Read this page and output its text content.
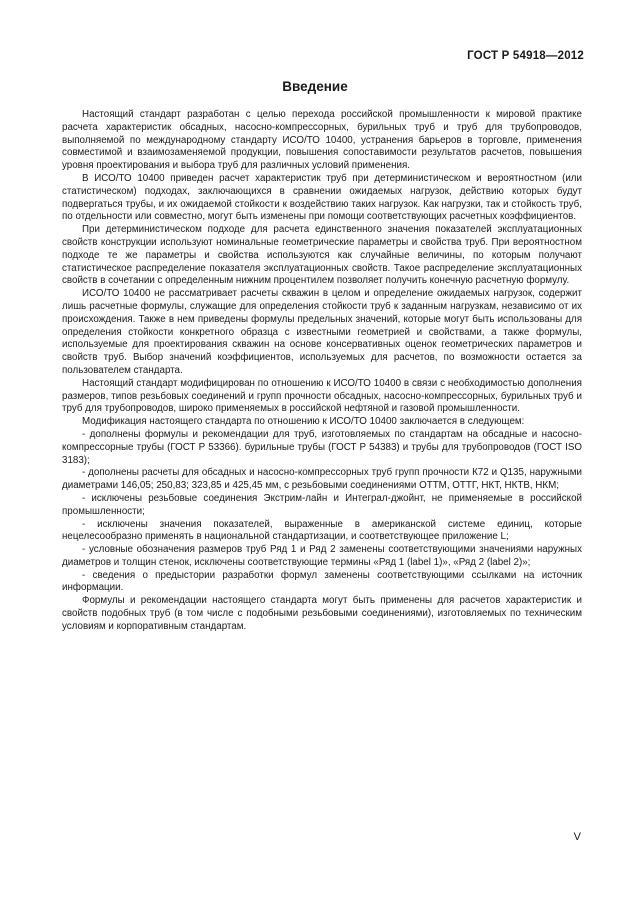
ГОСТ Р 54918—2012
Введение

Настоящий стандарт разработан с целью перехода российской промышленности к мировой практике расчета характеристик обсадных, насосно-компрессорных, бурильных труб и труб для трубопроводов, выполняемой по международному стандарту ИСО/ТО 10400, устранения барьеров в торговле, применения совместимой и взаимозаменяемой продукции, повышения сопоставимости результатов расчетов, повышения уровня проектирования и выбора труб для различных условий применения.

В ИСО/ТО 10400 приведен расчет характеристик труб при детерминистическом и вероятностном (или статистическом) подходах, заключающихся в сравнении ожидаемых нагрузок, действию которых будут подвергаться трубы, и их ожидаемой стойкости к воздействию таких нагрузок. Как нагрузки, так и стойкость труб, по отдельности или совместно, могут быть изменены при помощи соответствующих расчетных коэффициентов.

При детерминистическом подходе для расчета единственного значения показателей эксплуатационных свойств конструкции используют номинальные геометрические параметры и свойства труб. При вероятностном подходе те же параметры и свойства используются как случайные величины, по которым получают статистическое распределение показателя эксплуатационных свойств. Такое распределение эксплуатационных свойств в сочетании с определенным нижним процентилем позволяет получить конечную расчетную формулу.

ИСО/ТО 10400 не рассматривает расчеты скважин в целом и определение ожидаемых нагрузок, содержит лишь расчетные формулы, служащие для определения стойкости труб к заданным нагрузкам, независимо от их происхождения. Также в нем приведены формулы предельных значений, которые могут быть использованы для определения стойкости конкретного образца с известными геометрией и свойствами, а также формулы, используемые для проектирования скважин на основе консервативных оценок геометрических параметров и свойств труб. Выбор значений коэффициентов, используемых для расчетов, по возможности остается за пользователем стандарта.

Настоящий стандарт модифицирован по отношению к ИСО/ТО 10400 в связи с необходимостью дополнения размеров, типов резьбовых соединений и групп прочности обсадных, насосно-компрессорных, бурильных труб и труб для трубопроводов, широко применяемых в российской нефтяной и газовой промышленности.

Модификация настоящего стандарта по отношению к ИСО/ТО 10400 заключается в следующем:

- дополнены формулы и рекомендации для труб, изготовляемых по стандартам на обсадные и насосно-компрессорные трубы (ГОСТ Р 53366). бурильные трубы (ГОСТ Р 54383) и трубы для трубопроводов (ГОСТ ISO 3183);

- дополнены расчеты для обсадных и насосно-компрессорных труб групп прочности К72 и Q135, наружными диаметрами 146,05; 250,83; 323,85 и 425,45 мм, с резьбовыми соединениями ОТТМ, ОТТГ, НКТ, НКТВ, НКМ;

- исключены резьбовые соединения Экстрим-лайн и Интеграл-джойнт, не применяемые в российской промышленности;

- исключены значения показателей, выраженные в американской системе единиц, которые нецелесообразно применять в национальной стандартизации, и соответствующее приложение L;

- условные обозначения размеров труб Ряд 1 и Ряд 2 заменены соответствующими значениями наружных диаметров и толщин стенок, исключены соответствующие термины «Ряд 1 (label 1)», «Ряд 2 (label 2)»;

- сведения о предыстории разработки формул заменены соответствующими ссылками на источник информации.

Формулы и рекомендации настоящего стандарта могут быть применены для расчетов характеристик и свойств подобных труб (в том числе с подобными резьбовыми соединениями), изготовляемых по техническим условиям и корпоративным стандартам.

V
